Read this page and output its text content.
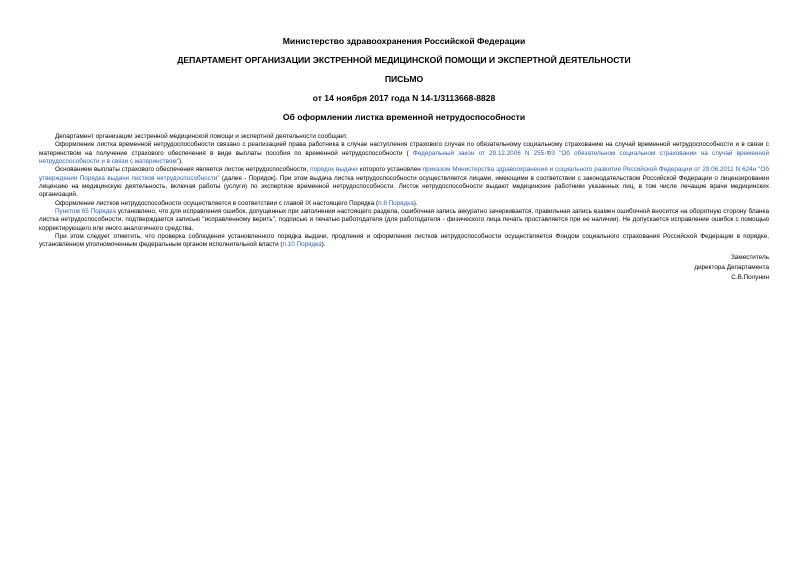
Министерство здравоохранения Российской Федерации
ДЕПАРТАМЕНТ ОРГАНИЗАЦИИ ЭКСТРЕННОЙ МЕДИЦИНСКОЙ ПОМОЩИ И ЭКСПЕРТНОЙ ДЕЯТЕЛЬНОСТИ
ПИСЬМО
от 14 ноября 2017 года N 14-1/3113668-8828
Об оформлении листка временной нетрудоспособности

Департамент организации экстренной медицинской помощи и экспертной деятельности сообщает.

Оформление листка временной нетрудоспособности связано с реализацией права работника в случае наступления страхового случая по обязательному социальному страхованию на случай временной нетрудоспособности и в связи с материнством на получение страхового обеспечения в виде выплаты пособия по временной нетрудоспособности ( Федеральный закон от 29.12.2006 N 255-ФЗ "Об обязательном социальном страховании на случай временной нетрудоспособности и в связи с материнством").

Основанием выплаты страхового обеспечения является листок нетрудоспособности, порядок выдачи которого установлен приказом Министерства здравоохранения и социального развития Российской Федерации от 29.06.2011 N 624н "Об утверждении Порядка выдачи листков нетрудоспособности" (далее - Порядок). При этом выдача листка нетрудоспособности осуществляется лицами, имеющими в соответствии с законодательством Российской Федерации о лицензировании лицензию на медицинскую деятельность, включая работы (услуги) по экспертизе временной нетрудоспособности. Листок нетрудоспособности выдают медицинские работники указанных лиц, в том числе лечащие врачи медицинских организаций.

Оформление листков нетрудоспособности осуществляется в соответствии с главой IX настоящего Порядка (п.8 Порядка).

Пунктом 65 Порядка установлено, что для исправления ошибок, допущенных при заполнении настоящего раздела, ошибочная запись аккуратно зачеркивается, правильная запись взамен ошибочной вносится на оборотную сторону бланка листка нетрудоспособности, подтверждается записью "исправленному верить", подписью и печатью работодателя (для работодателя - физического лица печать проставляется при ее наличии). Не допускается исправление ошибок с помощью корректирующего или иного аналогичного средства.

При этом следует отметить, что проверка соблюдения установленного порядка выдачи, продления и оформления листков нетрудоспособности осуществляется Фондом социального страхования Российской Федерации в порядке, установленном уполномоченным федеральным органом исполнительной власти (п.10 Порядка).

Заместитель
директора Департамента
С.В.Полунин
